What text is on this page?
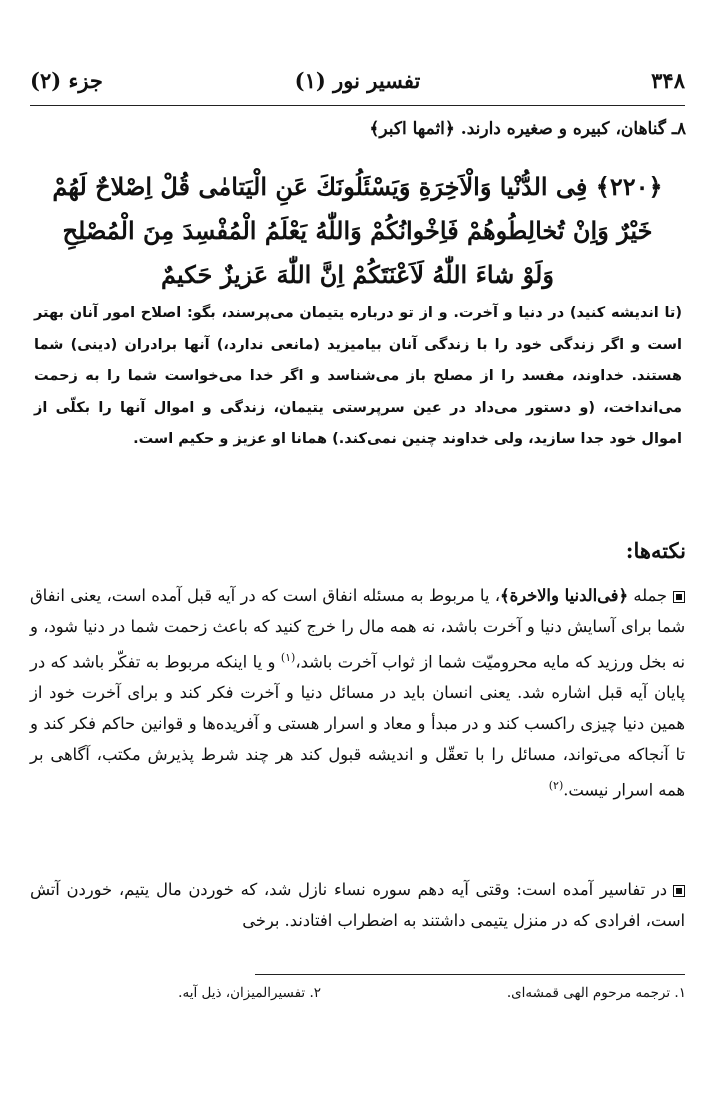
۳۴۸
تفسیر نور (۱)
جزء (۲)
۸ـ گناهان، کبیره و صغیره دارند. ﴿اثمها اکبر﴾
﴿۲۲۰﴾ فِی الدُّنْیا وَالْاَخِرَةِ وَیَسْئَلُونَكَ عَنِ الْیَتامٰی قُلْ اِصْلاحٌ لَهُمْ
خَیْرٌ وَاِنْ تُخالِطُوهُمْ فَاِخْوانُكُمْ وَاللّٰهُ یَعْلَمُ الْمُفْسِدَ مِنَ الْمُصْلِحِ
وَلَوْ شاءَ اللّٰهُ لَاَعْنَتَكُمْ اِنَّ اللّٰهَ عَزیزٌ حَكیمٌ
(تا اندیشه کنید) در دنیا و آخرت. و از تو درباره یتیمان می‌پرسند، بگو: اصلاح امور آنان بهتر است و اگر زندگی خود را با زندگی آنان بیامیزید (مانعی ندارد،) آنها برادران (دینی) شما هستند. خداوند، مفسد را از مصلح باز می‌شناسد و اگر خدا می‌خواست شما را به زحمت می‌انداخت، (و دستور می‌داد در عین سرپرستی یتیمان، زندگی و اموال آنها را بکلّی از اموال خود جدا سازید، ولی خداوند چنین نمی‌کند.) همانا او عزیز و حکیم است.
نکته‌ها:
جمله ﴿فی‌الدنیا والاخرة﴾، یا مربوط به مسئله انفاق است که در آیه قبل آمده است، یعنی انفاق شما برای آسایش دنیا و آخرت باشد، نه همه مال را خرج کنید که باعث زحمت شما در دنیا شود، و نه بخل ورزید که مایه محرومیّت شما از ثواب آخرت باشد،$^{(۱)}$ و یا اینکه مربوط به تفکّر باشد که در پایان آیه قبل اشاره شد. یعنی انسان باید در مسائل دنیا و آخرت فکر کند و برای آخرت خود از همین دنیا چیزی راکسب کند و در مبدأ و معاد و اسرار هستی و آفریده‌ها و قوانین حاکم فکر کند و تا آنجاکه می‌تواند، مسائل را با تعقّل و اندیشه قبول کند هر چند شرط پذیرش مکتب، آگاهی بر همه اسرار نیست.$^{(۲)}$
در تفاسیر آمده است: وقتی آیه دهم سوره نساء نازل شد، که خوردن مال یتیم، خوردن آتش است، افرادی که در منزل یتیمی داشتند به اضطراب افتادند. برخی
۱. ترجمه مرحوم الهی قمشه‌ای.
۲. تفسیرالمیزان، ذیل آیه.
